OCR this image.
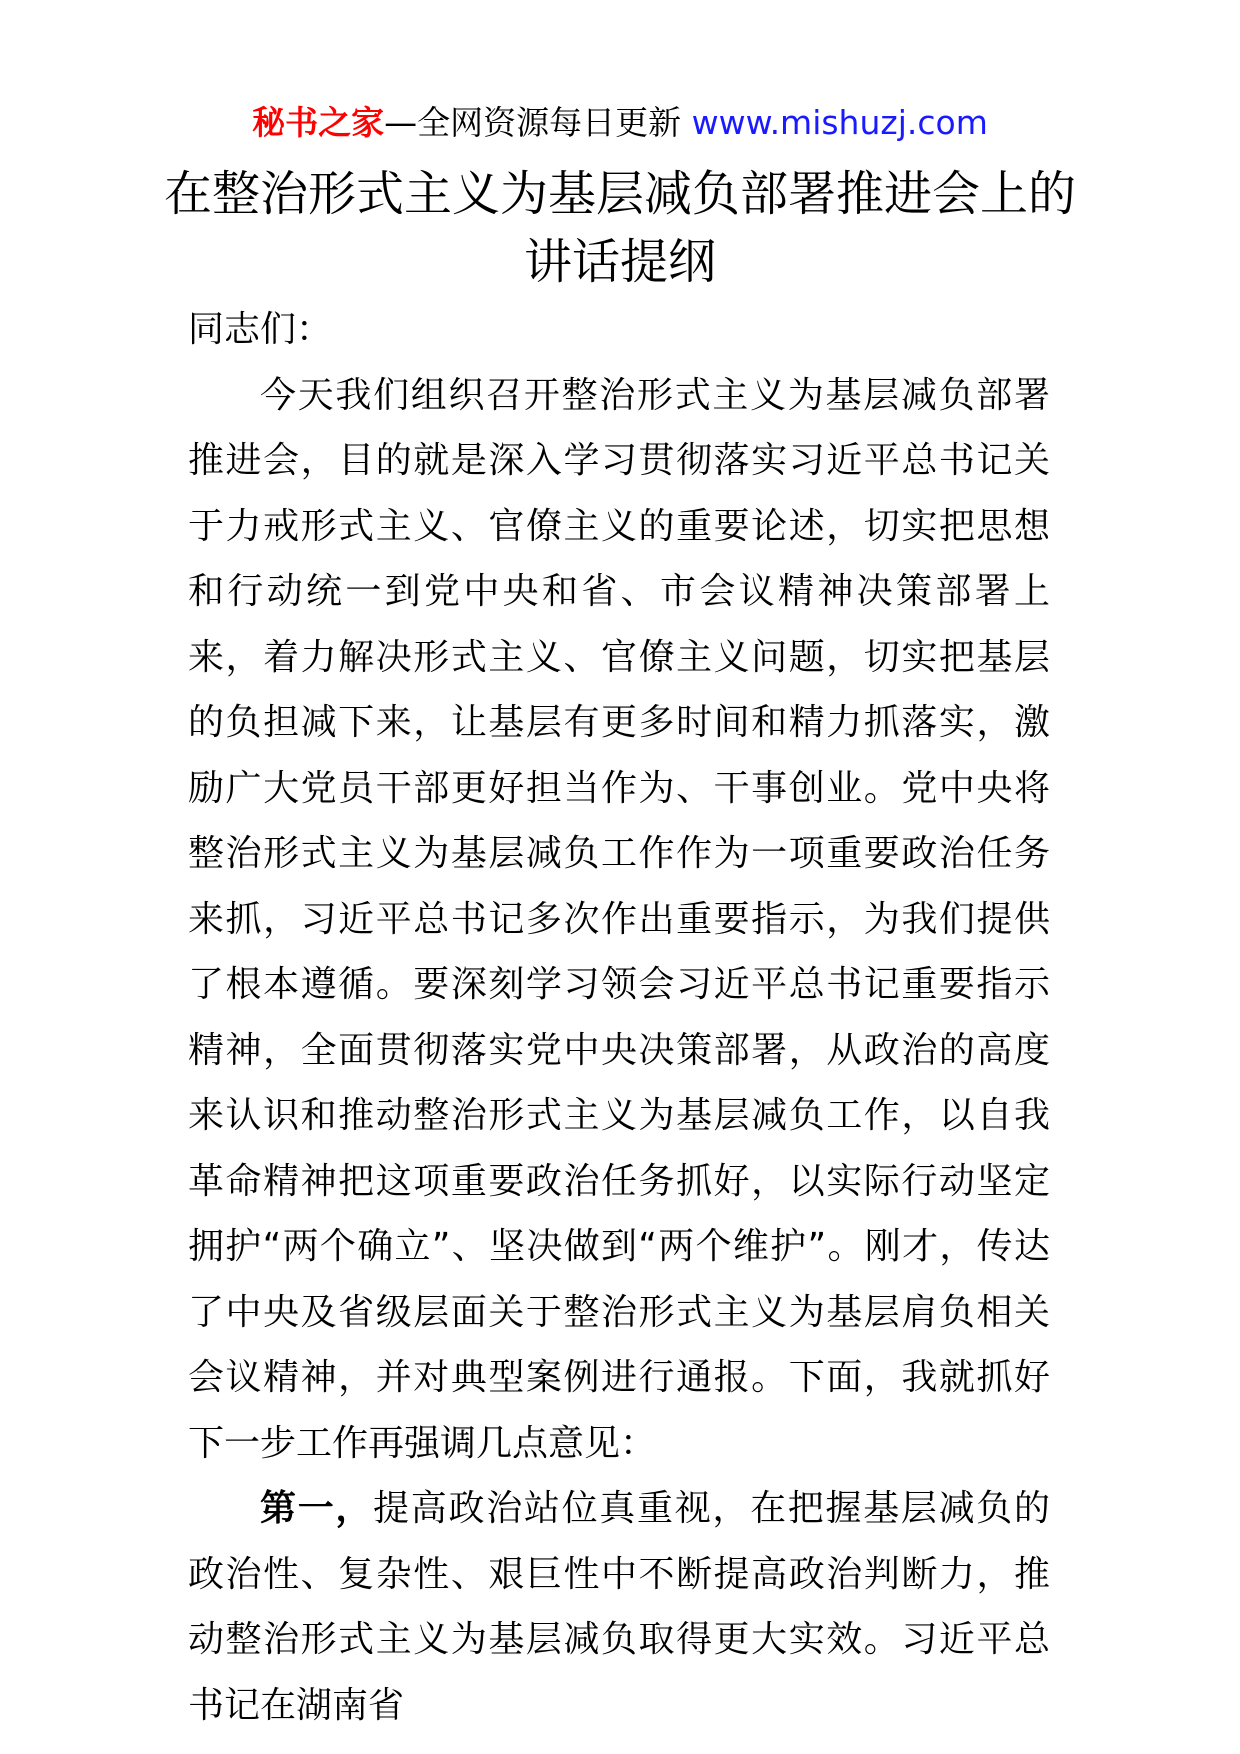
秘书之家—全网资源每日更新 www.mishuzj.com
在整治形式主义为基层减负部署推进会上的讲话提纲

同志们：

今天我们组织召开整治形式主义为基层减负部署推进会，目的就是深入学习贯彻落实习近平总书记关于力戒形式主义、官僚主义的重要论述，切实把思想和行动统一到党中央和省、市会议精神决策部署上来，着力解决形式主义、官僚主义问题，切实把基层的负担减下来，让基层有更多时间和精力抓落实，激励广大党员干部更好担当作为、干事创业。党中央将整治形式主义为基层减负工作作为一项重要政治任务来抓，习近平总书记多次作出重要指示，为我们提供了根本遵循。要深刻学习领会习近平总书记重要指示精神，全面贯彻落实党中央决策部署，从政治的高度来认识和推动整治形式主义为基层减负工作，以自我革命精神把这项重要政治任务抓好，以实际行动坚定拥护“两个确立”、坚决做到“两个维护”。刚才，传达了中央及省级层面关于整治形式主义为基层肩负相关会议精神，并对典型案例进行通报。下面，我就抓好下一步工作再强调几点意见：

第一，提高政治站位真重视，在把握基层减负的政治性、复杂性、艰巨性中不断提高政治判断力，推动整治形式主义为基层减负取得更大实效。习近平总书记在湖南省
